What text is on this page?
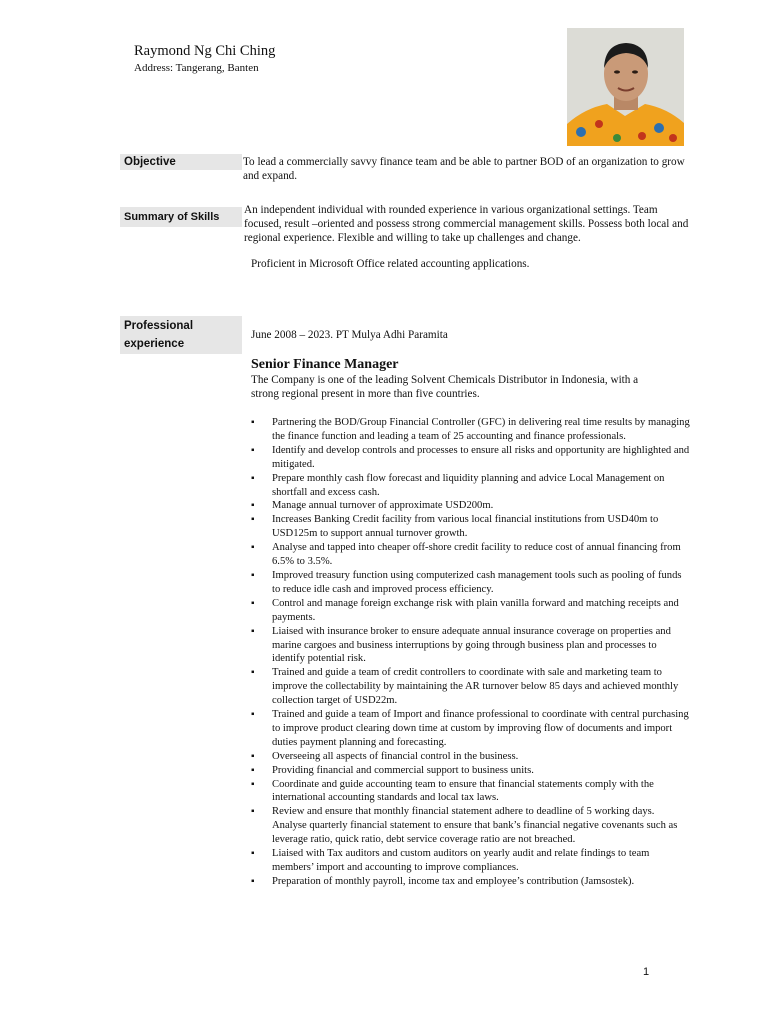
Raymond Ng Chi Ching
Address: Tangerang, Banten
Objective	To lead a commercially savvy finance team and be able to partner BOD of an organization to grow and expand.
Summary of Skills
An independent individual with rounded experience in various organizational settings. Team focused, result –oriented and possess strong commercial management skills. Possess both local and regional experience. Flexible and willing to take up challenges and change.
Proficient in Microsoft Office related accounting applications.
Professional experience
June 2008 – 2023. PT Mulya Adhi Paramita
Senior Finance Manager
The Company is one of the leading Solvent Chemicals Distributor in Indonesia, with a strong regional present in more than five countries.
▪ Partnering the BOD/Group Financial Controller (GFC) in delivering real time results by managing the finance function and leading a team of 25 accounting and finance professionals.
▪ Identify and develop controls and processes to ensure all risks and opportunity are highlighted and mitigated.
▪ Prepare monthly cash flow forecast and liquidity planning and advice Local Management on shortfall and excess cash.
▪ Manage annual turnover of approximate USD200m.
▪ Increases Banking Credit facility from various local financial institutions from USD40m to USD125m to support annual turnover growth.
▪ Analyse and tapped into cheaper off-shore credit facility to reduce cost of annual financing from 6.5% to 3.5%.
▪ Improved treasury function using computerized cash management tools such as pooling of funds to reduce idle cash and improved process efficiency.
▪ Control and manage foreign exchange risk with plain vanilla forward and matching receipts and payments.
▪ Liaised with insurance broker to ensure adequate annual insurance coverage on properties and marine cargoes and business interruptions by going through business plan and processes to identify potential risk.
▪ Trained and guide a team of credit controllers to coordinate with sale and marketing team to improve the collectability by maintaining the AR turnover below 85 days and achieved monthly collection target of USD22m.
▪ Trained and guide a team of Import and finance professional to coordinate with central purchasing to improve product clearing down time at custom by improving flow of documents and import duties payment planning and forecasting.
▪ Overseeing all aspects of financial control in the business.
▪ Providing financial and commercial support to business units.
▪ Coordinate and guide accounting team to ensure that financial statements comply with the international accounting standards and local tax laws.
▪ Review and ensure that monthly financial statement adhere to deadline of 5 working days. Analyse quarterly financial statement to ensure that bank’s financial negative covenants such as leverage ratio, quick ratio, debt service coverage ratio are not breached.
▪ Liaised with Tax auditors and custom auditors on yearly audit and relate findings to team members’ import and accounting to improve compliances.
▪ Preparation of monthly payroll, income tax and employee’s contribution (Jamsostek).
1
